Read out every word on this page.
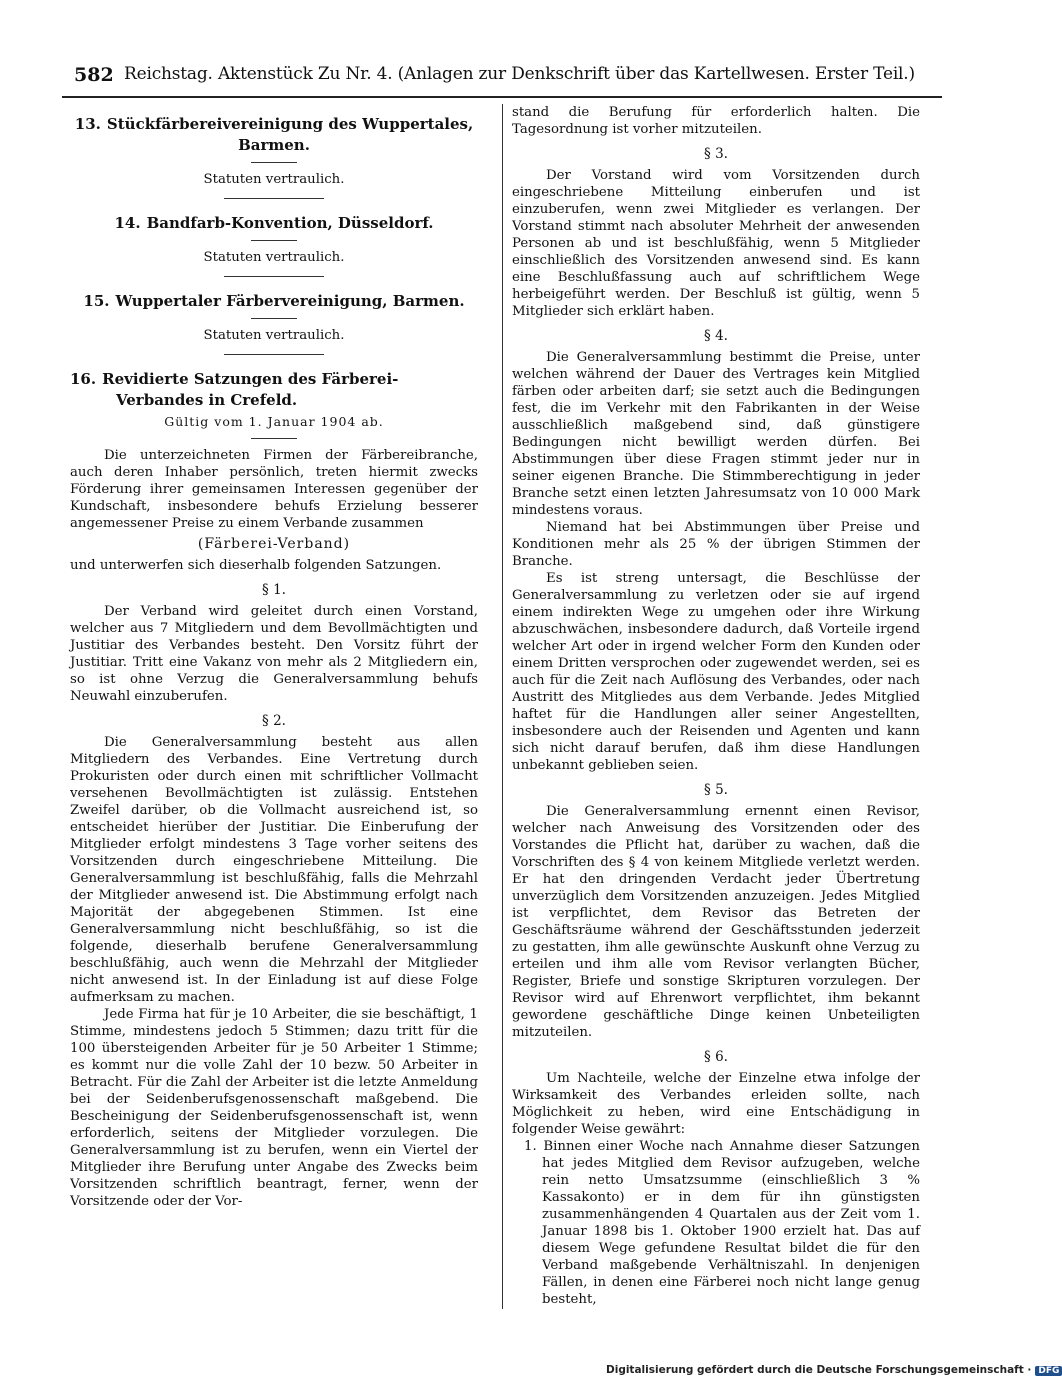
582 Reichstag. Aktenstück Zu Nr. 4. (Anlagen zur Denkschrift über das Kartellwesen. Erster Teil.)
13. Stückfärbereivereinigung des Wuppertales, Barmen.
Statuten vertraulich.
14. Bandfarb-Konvention, Düsseldorf.
Statuten vertraulich.
15. Wuppertaler Färbervereinigung, Barmen.
Statuten vertraulich.
16. Revidierte Satzungen des Färberei-Verbandes in Crefeld.
Gültig vom 1. Januar 1904 ab.

Die unterzeichneten Firmen der Färbereibranche, auch deren Inhaber persönlich, treten hiermit zwecks Förderung ihrer gemeinsamen Interessen gegenüber der Kundschaft, insbesondere behufs Erzielung besserer angemessener Preise zu einem Verbande zusammen

(Färberei-Verband)

und unterwerfen sich dieserhalb folgenden Satzungen.

§ 1.

Der Verband wird geleitet durch einen Vorstand, welcher aus 7 Mitgliedern und dem Bevollmächtigten und Justitiar des Verbandes besteht. Den Vorsitz führt der Justitiar. Tritt eine Vakanz von mehr als 2 Mitgliedern ein, so ist ohne Verzug die Generalversammlung behufs Neuwahl einzuberufen.

§ 2.

Die Generalversammlung besteht aus allen Mitgliedern des Verbandes. Eine Vertretung durch Prokuristen oder durch einen mit schriftlicher Vollmacht versehenen Bevollmächtigten ist zulässig. Entstehen Zweifel darüber, ob die Vollmacht ausreichend ist, so entscheidet hierüber der Justitiar. Die Einberufung der Mitglieder erfolgt mindestens 3 Tage vorher seitens des Vorsitzenden durch eingeschriebene Mitteilung. Die Generalversammlung ist beschlußfähig, falls die Mehrzahl der Mitglieder anwesend ist. Die Abstimmung erfolgt nach Majorität der abgegebenen Stimmen. Ist eine Generalversammlung nicht beschlußfähig, so ist die folgende, dieserhalb berufene Generalversammlung beschlußfähig, auch wenn die Mehrzahl der Mitglieder nicht anwesend ist. In der Einladung ist auf diese Folge aufmerksam zu machen.

Jede Firma hat für je 10 Arbeiter, die sie beschäftigt, 1 Stimme, mindestens jedoch 5 Stimmen; dazu tritt für die 100 übersteigenden Arbeiter für je 50 Arbeiter 1 Stimme; es kommt nur die volle Zahl der 10 bezw. 50 Arbeiter in Betracht. Für die Zahl der Arbeiter ist die letzte Anmeldung bei der Seidenberufsgenossenschaft maßgebend. Die Bescheinigung der Seidenberufsgenossenschaft ist, wenn erforderlich, seitens der Mitglieder vorzulegen. Die Generalversammlung ist zu berufen, wenn ein Viertel der Mitglieder ihre Berufung unter Angabe des Zwecks beim Vorsitzenden schriftlich beantragt, ferner, wenn der Vorsitzende oder der Vor-

stand die Berufung für erforderlich halten. Die Tagesordnung ist vorher mitzuteilen.

§ 3.

Der Vorstand wird vom Vorsitzenden durch eingeschriebene Mitteilung einberufen und ist einzuberufen, wenn zwei Mitglieder es verlangen. Der Vorstand stimmt nach absoluter Mehrheit der anwesenden Personen ab und ist beschlußfähig, wenn 5 Mitglieder einschließlich des Vorsitzenden anwesend sind. Es kann eine Beschlußfassung auch auf schriftlichem Wege herbeigeführt werden. Der Beschluß ist gültig, wenn 5 Mitglieder sich erklärt haben.

§ 4.

Die Generalversammlung bestimmt die Preise, unter welchen während der Dauer des Vertrages kein Mitglied färben oder arbeiten darf; sie setzt auch die Bedingungen fest, die im Verkehr mit den Fabrikanten in der Weise ausschließlich maßgebend sind, daß günstigere Bedingungen nicht bewilligt werden dürfen. Bei Abstimmungen über diese Fragen stimmt jeder nur in seiner eigenen Branche. Die Stimmberechtigung in jeder Branche setzt einen letzten Jahresumsatz von 10 000 Mark mindestens voraus.

Niemand hat bei Abstimmungen über Preise und Konditionen mehr als 25 % der übrigen Stimmen der Branche.

Es ist streng untersagt, die Beschlüsse der Generalversammlung zu verletzen oder sie auf irgend einem indirekten Wege zu umgehen oder ihre Wirkung abzuschwächen, insbesondere dadurch, daß Vorteile irgend welcher Art oder in irgend welcher Form den Kunden oder einem Dritten versprochen oder zugewendet werden, sei es auch für die Zeit nach Auflösung des Verbandes, oder nach Austritt des Mitgliedes aus dem Verbande. Jedes Mitglied haftet für die Handlungen aller seiner Angestellten, insbesondere auch der Reisenden und Agenten und kann sich nicht darauf berufen, daß ihm diese Handlungen unbekannt geblieben seien.

§ 5.

Die Generalversammlung ernennt einen Revisor, welcher nach Anweisung des Vorsitzenden oder des Vorstandes die Pflicht hat, darüber zu wachen, daß die Vorschriften des § 4 von keinem Mitgliede verletzt werden. Er hat den dringenden Verdacht jeder Übertretung unverzüglich dem Vorsitzenden anzuzeigen. Jedes Mitglied ist verpflichtet, dem Revisor das Betreten der Geschäftsräume während der Geschäftsstunden jederzeit zu gestatten, ihm alle gewünschte Auskunft ohne Verzug zu erteilen und ihm alle vom Revisor verlangten Bücher, Register, Briefe und sonstige Skripturen vorzulegen. Der Revisor wird auf Ehrenwort verpflichtet, ihm bekannt gewordene geschäftliche Dinge keinen Unbeteiligten mitzuteilen.

§ 6.

Um Nachteile, welche der Einzelne etwa infolge der Wirksamkeit des Verbandes erleiden sollte, nach Möglichkeit zu heben, wird eine Entschädigung in folgender Weise gewährt:

1. Binnen einer Woche nach Annahme dieser Satzungen hat jedes Mitglied dem Revisor aufzugeben, welche rein netto Umsatzsumme (einschließlich 3 % Kassakonto) er in dem für ihn günstigsten zusammenhängenden 4 Quartalen aus der Zeit vom 1. Januar 1898 bis 1. Oktober 1900 erzielt hat. Das auf diesem Wege gefundene Resultat bildet die für den Verband maßgebende Verhältniszahl. In denjenigen Fällen, in denen eine Färberei noch nicht lange genug besteht,

Digitalisierung gefördert durch die Deutsche Forschungsgemeinschaft · DFG
